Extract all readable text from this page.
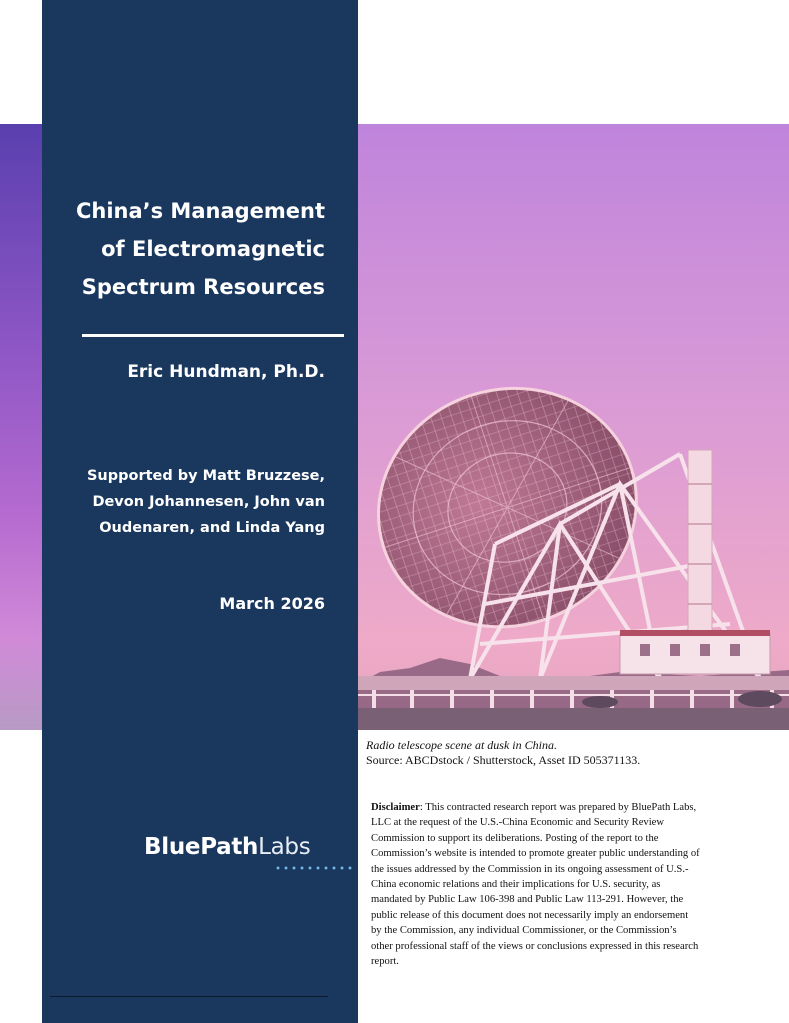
China’s Management
of Electromagnetic
Spectrum Resources

Eric Hundman, Ph.D.

Supported by Matt Bruzzese,
Devon Johannesen, John van
Oudenaren, and Linda Yang

March 2026

BluePathLabs
Radio telescope scene at dusk in China.
Source: ABCDstock / Shutterstock, Asset ID 505371133.

Disclaimer: This contracted research report was prepared by BluePath Labs, LLC at the request of the U.S.-China Economic and Security Review Commission to support its deliberations. Posting of the report to the Commission’s website is intended to promote greater public understanding of the issues addressed by the Commission in its ongoing assessment of U.S.-China economic relations and their implications for U.S. security, as mandated by Public Law 106-398 and Public Law 113-291. However, the public release of this document does not necessarily imply an endorsement by the Commission, any individual Commissioner, or the Commission’s other professional staff of the views or conclusions expressed in this research report.
